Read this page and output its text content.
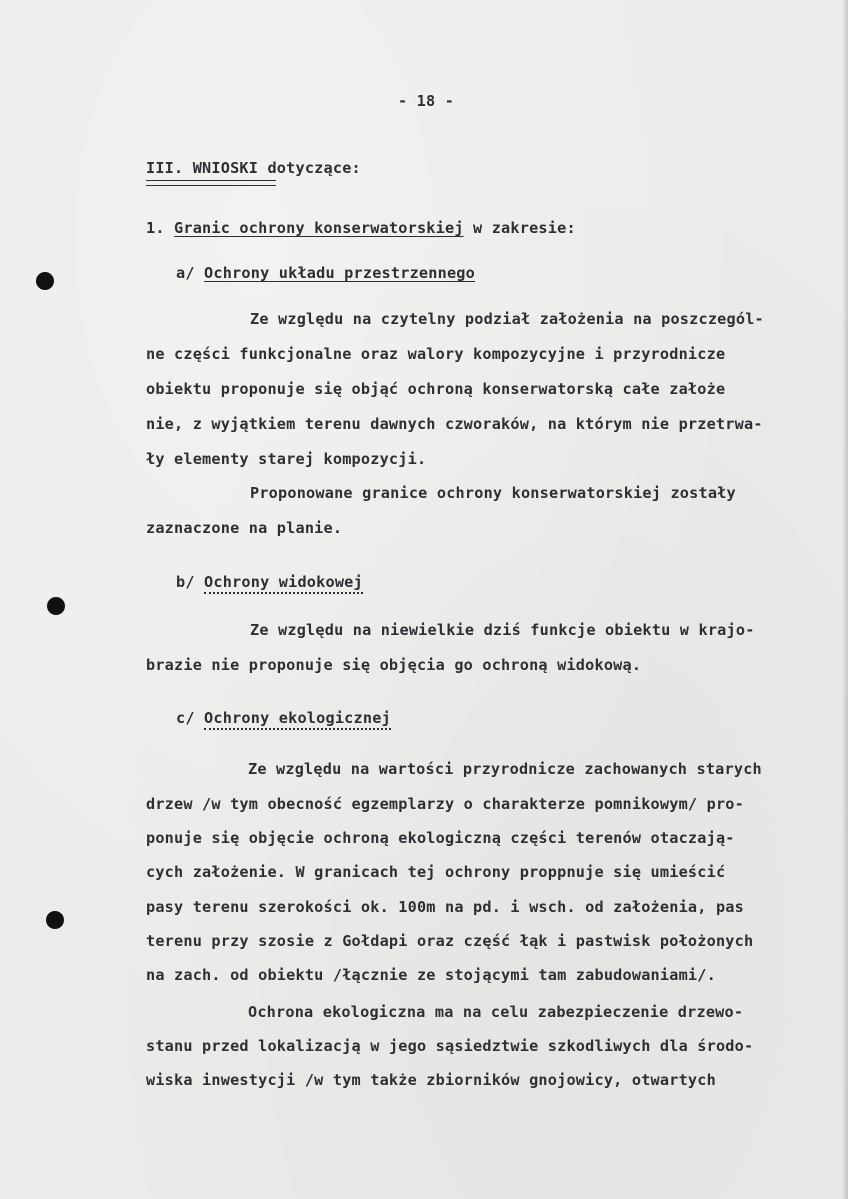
- 18 -
III. WNIOSKI dotyczące:
1. Granic ochrony konserwatorskiej w zakresie:
a/ Ochrony układu przestrzennego
Ze względu na czytelny podział założenia na poszczegól-
ne części funkcjonalne oraz walory kompozycyjne i przyrodnicze
obiektu proponuje się objąć ochroną konserwatorską całe założe
nie, z wyjątkiem terenu dawnych czworaków, na którym nie przetrwa-
ły elementy starej kompozycji.
Proponowane granice ochrony konserwatorskiej zostały
zaznaczone na planie.
b/ Ochrony widokowej
Ze względu na niewielkie dziś funkcje obiektu w krajo-
brazie nie proponuje się objęcia go ochroną widokową.
c/ Ochrony ekologicznej
Ze względu na wartości przyrodnicze zachowanych starych
drzew /w tym obecność egzemplarzy o charakterze pomnikowym/ pro-
ponuje się objęcie ochroną ekologiczną części terenów otaczają-
cych założenie. W granicach tej ochrony proppnuje się umieścić
pasy terenu szerokości ok. 100m na pd. i wsch. od założenia, pas
terenu przy szosie z Gołdapi oraz część łąk i pastwisk położonych
na zach. od obiektu /łącznie ze stojącymi tam zabudowaniami/.
Ochrona ekologiczna ma na celu zabezpieczenie drzewo-
stanu przed lokalizacją w jego sąsiedztwie szkodliwych dla środo-
wiska inwestycji /w tym także zbiorników gnojowicy, otwartych
